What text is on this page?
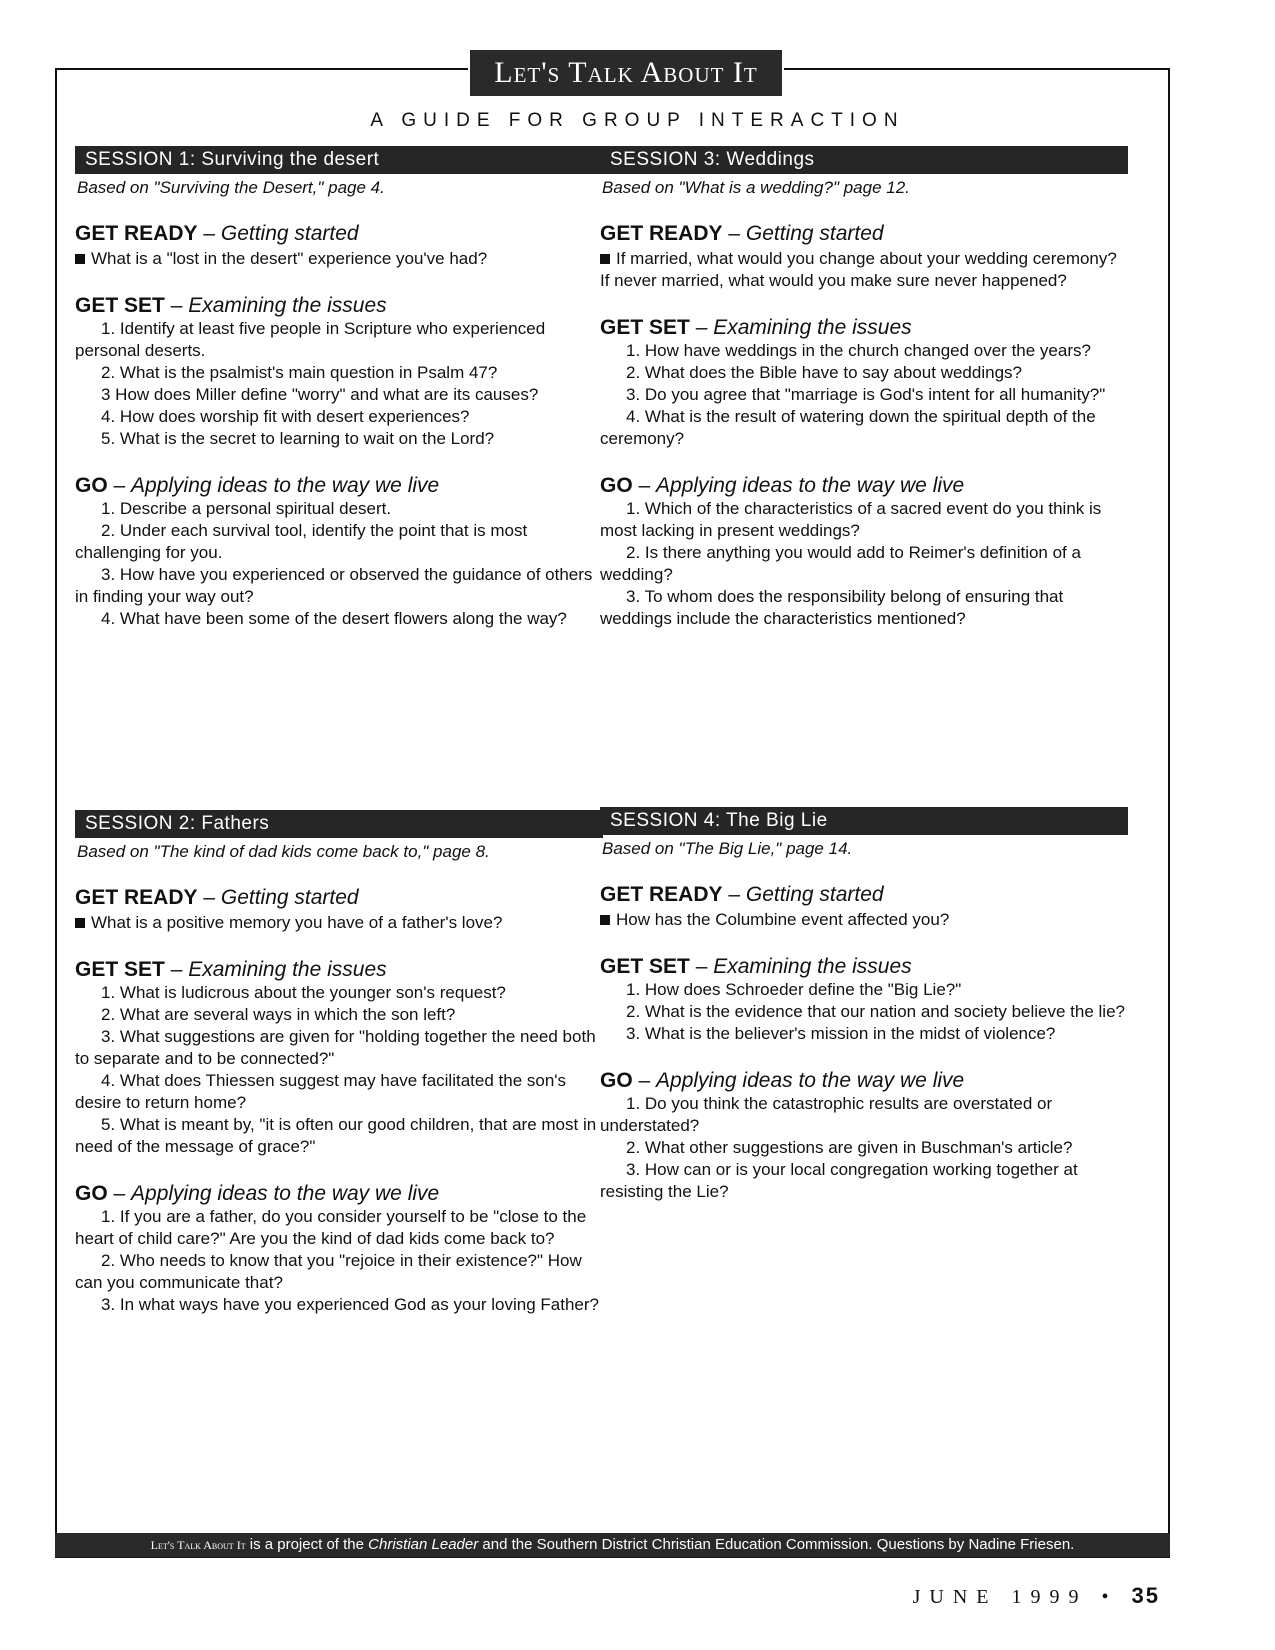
Let's Talk About It
A GUIDE FOR GROUP INTERACTION
SESSION 1: Surviving the desert
Based on "Surviving the Desert," page 4.
GET READY – Getting started

What is a "lost in the desert" experience you've had?

GET SET – Examining the issues

1. Identify at least five people in Scripture who experienced personal deserts.

2. What is the psalmist's main question in Psalm 47?

3 How does Miller define "worry" and what are its causes?

4. How does worship fit with desert experiences?

5. What is the secret to learning to wait on the Lord?

GO – Applying ideas to the way we live

1. Describe a personal spiritual desert.

2. Under each survival tool, identify the point that is most challenging for you.

3. How have you experienced or observed the guidance of others in finding your way out?

4. What have been some of the desert flowers along the way?

SESSION 2: Fathers
Based on "The kind of dad kids come back to," page 8.
GET READY – Getting started

What is a positive memory you have of a father's love?

GET SET – Examining the issues

1. What is ludicrous about the younger son's request?

2. What are several ways in which the son left?

3. What suggestions are given for "holding together the need both to separate and to be connected?"

4. What does Thiessen suggest may have facilitated the son's desire to return home?

5. What is meant by, "it is often our good children, that are most in need of the message of grace?"

GO – Applying ideas to the way we live

1. If you are a father, do you consider yourself to be "close to the heart of child care?" Are you the kind of dad kids come back to?

2. Who needs to know that you "rejoice in their existence?" How can you communicate that?

3. In what ways have you experienced God as your loving Father?

SESSION 3: Weddings
Based on "What is a wedding?" page 12.
GET READY – Getting started

If married, what would you change about your wedding ceremony? If never married, what would you make sure never happened?

GET SET – Examining the issues

1. How have weddings in the church changed over the years?

2. What does the Bible have to say about weddings?

3. Do you agree that "marriage is God's intent for all humanity?"

4. What is the result of watering down the spiritual depth of the ceremony?

GO – Applying ideas to the way we live

1. Which of the characteristics of a sacred event do you think is most lacking in present weddings?

2. Is there anything you would add to Reimer's definition of a wedding?

3. To whom does the responsibility belong of ensuring that weddings include the characteristics mentioned?

SESSION 4: The Big Lie
Based on "The Big Lie," page 14.
GET READY – Getting started

How has the Columbine event affected you?

GET SET – Examining the issues

1. How does Schroeder define the "Big Lie?"

2. What is the evidence that our nation and society believe the lie?

3. What is the believer's mission in the midst of violence?

GO – Applying ideas to the way we live

1. Do you think the catastrophic results are overstated or understated?

2. What other suggestions are given in Buschman's article?

3. How can or is your local congregation working together at resisting the Lie?

Let's Talk About It is a project of the Christian Leader and the Southern District Christian Education Commission. Questions by Nadine Friesen.
JUNE 1999 • 35
